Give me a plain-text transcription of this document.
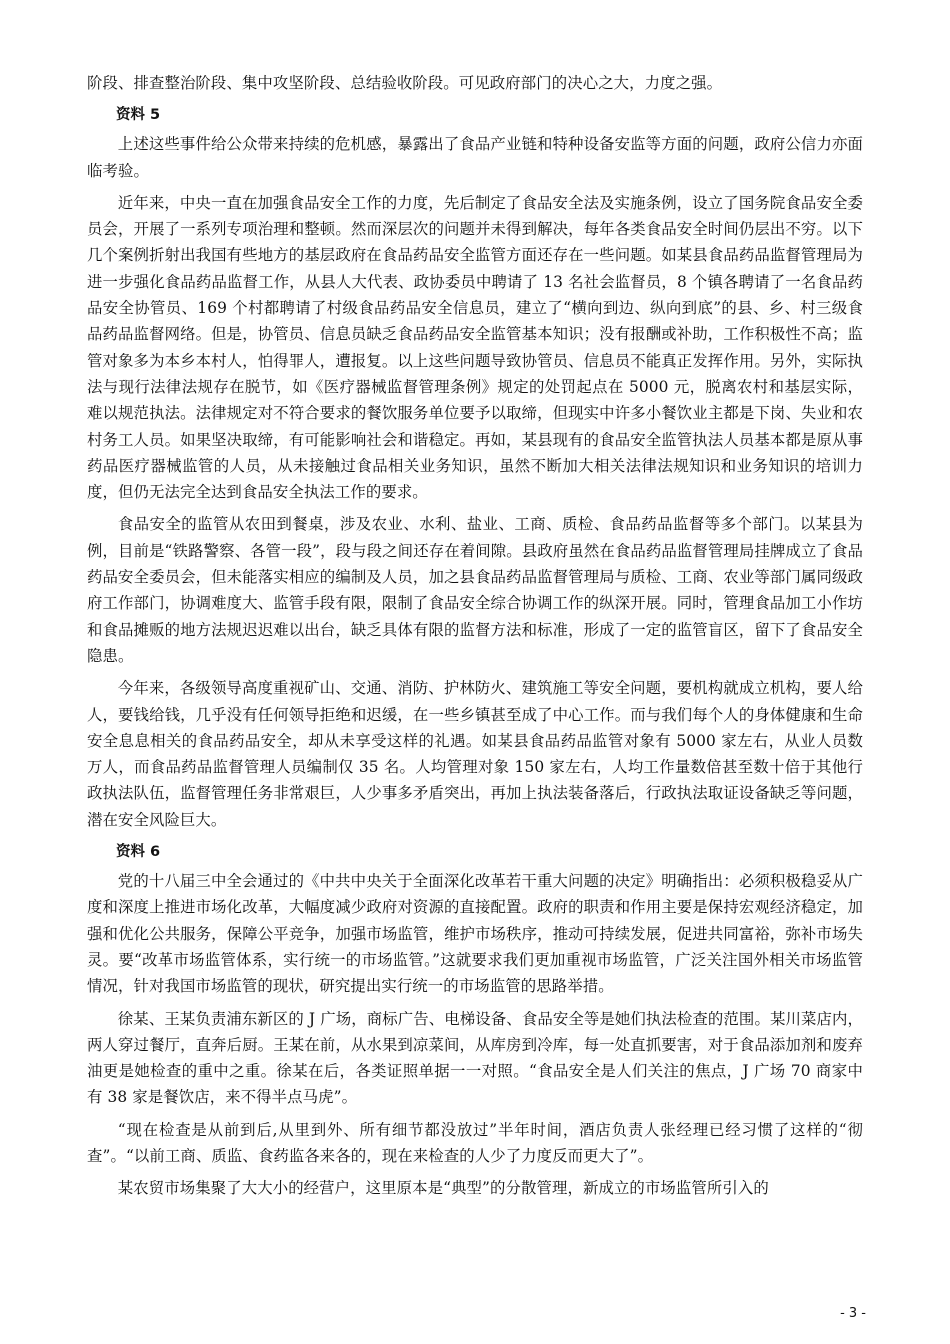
阶段、排查整治阶段、集中攻坚阶段、总结验收阶段。可见政府部门的决心之大，力度之强。

资料 5

上述这些事件给公众带来持续的危机感，暴露出了食品产业链和特种设备安监等方面的问题，政府公信力亦面临考验。

近年来，中央一直在加强食品安全工作的力度，先后制定了食品安全法及实施条例，设立了国务院食品安全委员会，开展了一系列专项治理和整顿。然而深层次的问题并未得到解决，每年各类食品安全时间仍层出不穷。以下几个案例折射出我国有些地方的基层政府在食品药品安全监管方面还存在一些问题。如某县食品药品监督管理局为进一步强化食品药品监督工作，从县人大代表、政协委员中聘请了 13 名社会监督员，8 个镇各聘请了一名食品药品安全协管员、169 个村都聘请了村级食品药品安全信息员，建立了“横向到边、纵向到底”的县、乡、村三级食品药品监督网络。但是，协管员、信息员缺乏食品药品安全监管基本知识；没有报酬或补助，工作积极性不高；监管对象多为本乡本村人，怕得罪人，遭报复。以上这些问题导致协管员、信息员不能真正发挥作用。另外，实际执法与现行法律法规存在脱节，如《医疗器械监督管理条例》规定的处罚起点在 5000 元，脱离农村和基层实际，难以规范执法。法律规定对不符合要求的餐饮服务单位要予以取缔，但现实中许多小餐饮业主都是下岗、失业和农村务工人员。如果坚决取缔，有可能影响社会和谐稳定。再如，某县现有的食品安全监管执法人员基本都是原从事药品医疗器械监管的人员，从未接触过食品相关业务知识，虽然不断加大相关法律法规知识和业务知识的培训力度，但仍无法完全达到食品安全执法工作的要求。

食品安全的监管从农田到餐桌，涉及农业、水利、盐业、工商、质检、食品药品监督等多个部门。以某县为例，目前是“铁路警察、各管一段”，段与段之间还存在着间隙。县政府虽然在食品药品监督管理局挂牌成立了食品药品安全委员会，但未能落实相应的编制及人员，加之县食品药品监督管理局与质检、工商、农业等部门属同级政府工作部门，协调难度大、监管手段有限，限制了食品安全综合协调工作的纵深开展。同时，管理食品加工小作坊和食品摊贩的地方法规迟迟难以出台，缺乏具体有限的监督方法和标准，形成了一定的监管盲区，留下了食品安全隐患。

今年来，各级领导高度重视矿山、交通、消防、护林防火、建筑施工等安全问题，要机构就成立机构，要人给人，要钱给钱，几乎没有任何领导拒绝和迟缓，在一些乡镇甚至成了中心工作。而与我们每个人的身体健康和生命安全息息相关的食品药品安全，却从未享受这样的礼遇。如某县食品药品监管对象有 5000 家左右，从业人员数万人，而食品药品监督管理人员编制仅 35 名。人均管理对象 150 家左右，人均工作量数倍甚至数十倍于其他行政执法队伍，监督管理任务非常艰巨，人少事多矛盾突出，再加上执法装备落后，行政执法取证设备缺乏等问题，潜在安全风险巨大。

资料 6

党的十八届三中全会通过的《中共中央关于全面深化改革若干重大问题的决定》明确指出：必须积极稳妥从广度和深度上推进市场化改革，大幅度减少政府对资源的直接配置。政府的职责和作用主要是保持宏观经济稳定，加强和优化公共服务，保障公平竞争，加强市场监管，维护市场秩序，推动可持续发展，促进共同富裕，弥补市场失灵。要“改革市场监管体系，实行统一的市场监管。”这就要求我们更加重视市场监管，广泛关注国外相关市场监管情况，针对我国市场监管的现状，研究提出实行统一的市场监管的思路举措。

徐某、王某负责浦东新区的 J 广场，商标广告、电梯设备、食品安全等是她们执法检查的范围。某川菜店内，两人穿过餐厅，直奔后厨。王某在前，从水果到凉菜间，从库房到冷库，每一处直抓要害，对于食品添加剂和废弃油更是她检查的重中之重。徐某在后，各类证照单据一一对照。“食品安全是人们关注的焦点，J 广场 70 商家中有 38 家是餐饮店，来不得半点马虎”。

“现在检查是从前到后,从里到外、所有细节都没放过”半年时间，酒店负责人张经理已经习惯了这样的“彻查”。“以前工商、质监、食药监各来各的，现在来检查的人少了力度反而更大了”。

某农贸市场集聚了大大小的经营户，这里原本是“典型”的分散管理，新成立的市场监管所引入的

- 3 -
